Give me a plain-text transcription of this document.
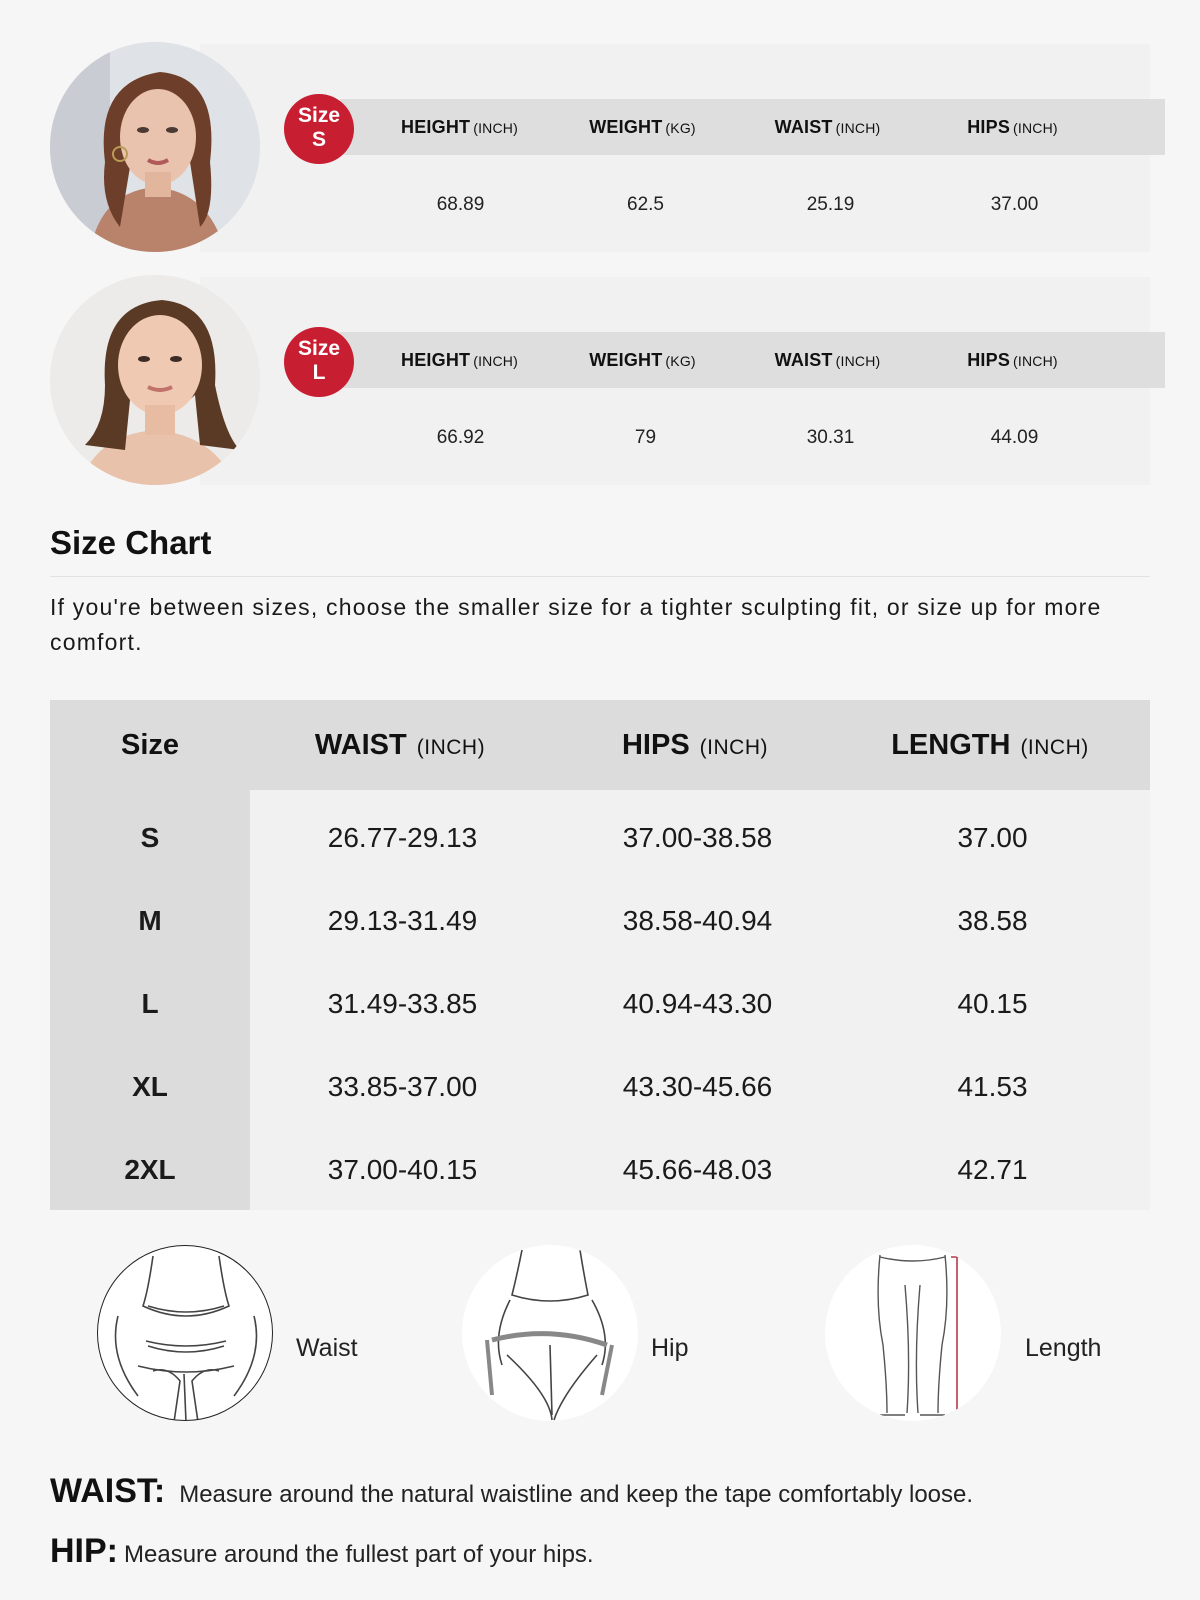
Size
S
HEIGHT (INCH)	WEIGHT (KG)	WAIST (INCH)	HIPS (INCH)
68.89	62.5	25.19	37.00
Size
L
HEIGHT (INCH)	WEIGHT (KG)	WAIST (INCH)	HIPS (INCH)
66.92	79	30.31	44.09
Size Chart

If you're between sizes, choose the smaller size for a tighter sculpting fit, or size up for more comfort.

Size	WAIST (INCH)	HIPS (INCH)	LENGTH (INCH)
S	26.77-29.13	37.00-38.58	37.00
M	29.13-31.49	38.58-40.94	38.58
L	31.49-33.85	40.94-43.30	40.15
XL	33.85-37.00	43.30-45.66	41.53
2XL	37.00-40.15	45.66-48.03	42.71
Waist	Hip	Length
WAIST: Measure around the natural waistline and keep the tape comfortably loose.
HIP: Measure around the fullest part of your hips.
